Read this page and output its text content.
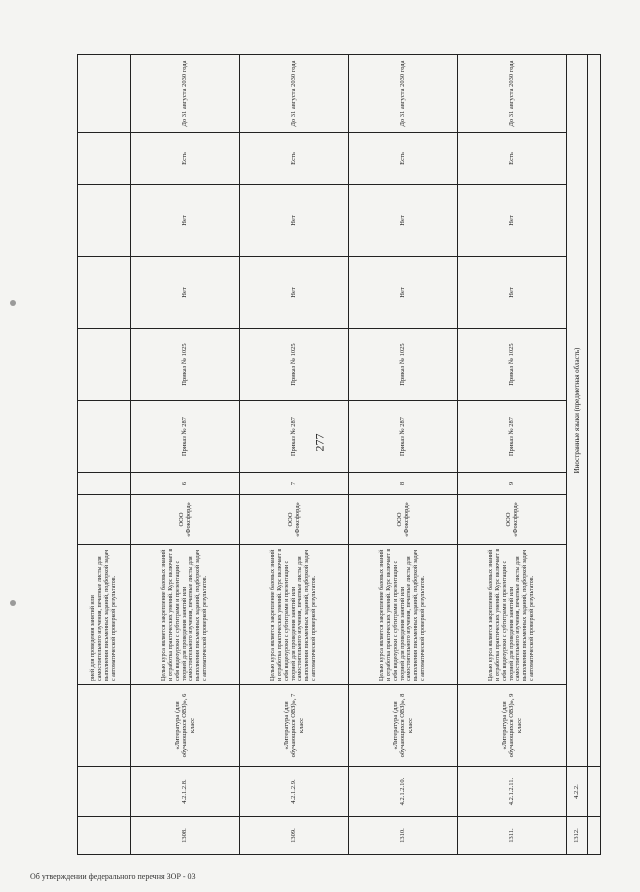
277
			рией для проведения занятий или самостоятельного изучения, печатные листы для выполнения письменных заданий, подборкой задач с автоматической проверкой результатов.								
1308.	4.2.1.2.8.	«Литература (для обучающихся ОВЗ)», 6 класс	Целью курса является закрепление базовых знаний и отработка практических умений. Курс включает в себя видеоуроки с субтитрами и презентации с теорией для проведения занятий или самостоятельного изучения, печатные листы для выполнения письменных заданий, подборкой задач с автоматической проверкой результатов.	ООО «Фоксфорд»	6	Приказ № 287	Приказ № 1025	Нет	Нет	Есть	До 31 августа 2030 года
1309.	4.2.1.2.9.	«Литература (для обучающихся ОВЗ)», 7 класс	Целью курса является закрепление базовых знаний и отработка практических умений. Курс включает в себя видеоуроки с субтитрами и презентации с теорией для проведения занятий или самостоятельного изучения, печатные листы для выполнения письменных заданий, подборкой задач с автоматической проверкой результатов.	ООО «Фоксфорд»	7	Приказ № 287	Приказ № 1025	Нет	Нет	Есть	До 31 августа 2030 года
1310.	4.2.1.2.10.	«Литература (для обучающихся ОВЗ)», 8 класс	Целью курса является закрепление базовых знаний и отработка практических умений. Курс включает в себя видеоуроки с субтитрами и презентации с теорией для проведения занятий или самостоятельного изучения, печатные листы для выполнения письменных заданий, подборкой задач с автоматической проверкой результатов.	ООО «Фоксфорд»	8	Приказ № 287	Приказ № 1025	Нет	Нет	Есть	До 31 августа 2030 года
1311.	4.2.1.2.11.	«Литература (для обучающихся ОВЗ)», 9 класс	Целью курса является закрепление базовых знаний и отработка практических умений. Курс включает в себя видеоуроки с субтитрами и презентации с теорией для проведения занятий или самостоятельного изучения, печатные листы для выполнения письменных заданий, подборкой задач с автоматической проверкой результатов.	ООО «Фоксфорд»	9	Приказ № 287	Приказ № 1025	Нет	Нет	Есть	До 31 августа 2030 года
1312.	4.2.2.	Иностранные языки (предметная область)									

Об утверждении федерального перечня ЗОР - 03
